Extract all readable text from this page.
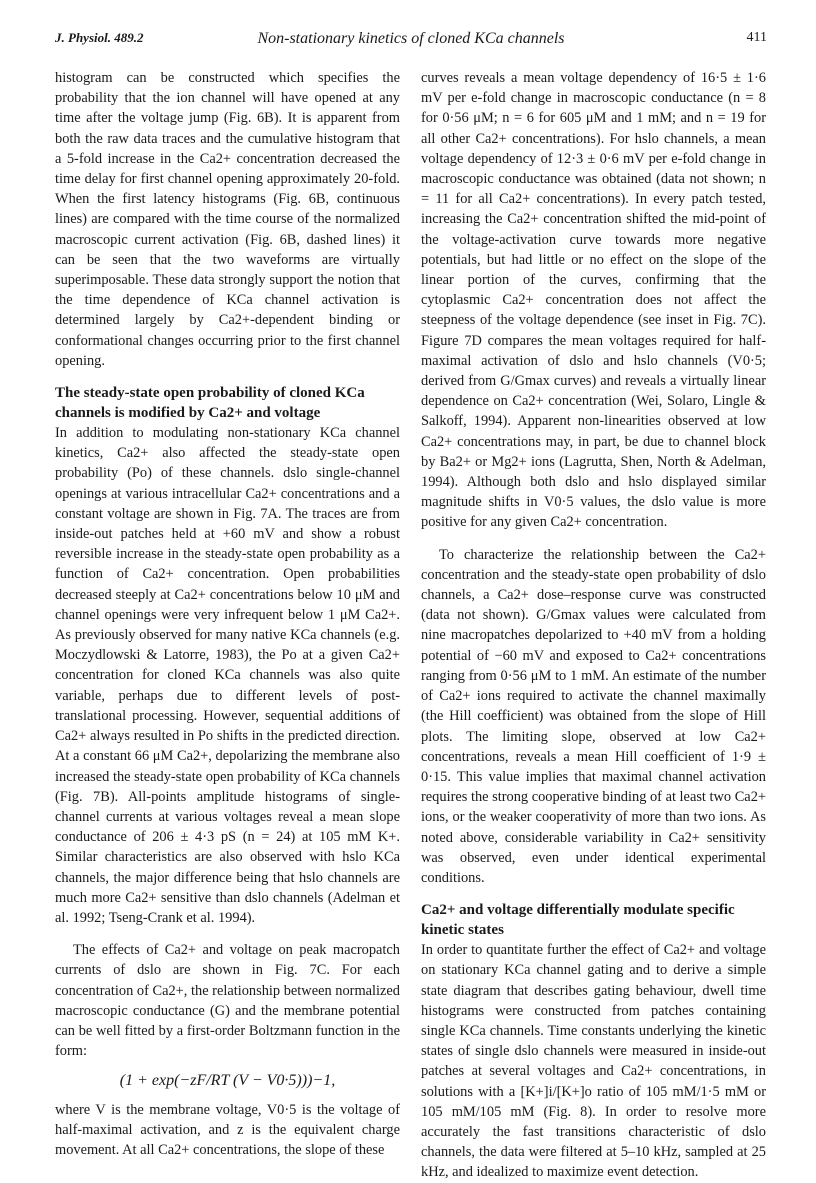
J. Physiol. 489.2	Non-stationary kinetics of cloned KCa channels	411

histogram can be constructed which specifies the probability that the ion channel will have opened at any time after the voltage jump (Fig. 6B). It is apparent from both the raw data traces and the cumulative histogram that a 5-fold increase in the Ca2+ concentration decreased the time delay for first channel opening approximately 20-fold. When the first latency histograms (Fig. 6B, continuous lines) are compared with the time course of the normalized macroscopic current activation (Fig. 6B, dashed lines) it can be seen that the two waveforms are virtually superimposable. These data strongly support the notion that the time dependence of KCa channel activation is determined largely by Ca2+-dependent binding or conformational changes occurring prior to the first channel opening.

The steady-state open probability of cloned KCa channels is modified by Ca2+ and voltage

In addition to modulating non-stationary KCa channel kinetics, Ca2+ also affected the steady-state open probability (Po) of these channels. dslo single-channel openings at various intracellular Ca2+ concentrations and a constant voltage are shown in Fig. 7A. The traces are from inside-out patches held at +60 mV and show a robust reversible increase in the steady-state open probability as a function of Ca2+ concentration. Open probabilities decreased steeply at Ca2+ concentrations below 10 μM and channel openings were very infrequent below 1 μM Ca2+. As previously observed for many native KCa channels (e.g. Moczydlowski & Latorre, 1983), the Po at a given Ca2+ concentration for cloned KCa channels was also quite variable, perhaps due to different levels of post-translational processing. However, sequential additions of Ca2+ always resulted in Po shifts in the predicted direction. At a constant 66 μM Ca2+, depolarizing the membrane also increased the steady-state open probability of KCa channels (Fig. 7B). All-points amplitude histograms of single-channel currents at various voltages reveal a mean slope conductance of 206 ± 4·3 pS (n = 24) at 105 mM K+. Similar characteristics are also observed with hslo KCa channels, the major difference being that hslo channels are much more Ca2+ sensitive than dslo channels (Adelman et al. 1992; Tseng-Crank et al. 1994).

The effects of Ca2+ and voltage on peak macropatch currents of dslo are shown in Fig. 7C. For each concentration of Ca2+, the relationship between normalized macroscopic conductance (G) and the membrane potential can be well fitted by a first-order Boltzmann function in the form:

(1 + exp(−zF/RT (V − V0·5)))−1,

where V is the membrane voltage, V0·5 is the voltage of half-maximal activation, and z is the equivalent charge movement. At all Ca2+ concentrations, the slope of these

curves reveals a mean voltage dependency of 16·5 ± 1·6 mV per e-fold change in macroscopic conductance (n = 8 for 0·56 μM; n = 6 for 605 μM and 1 mM; and n = 19 for all other Ca2+ concentrations). For hslo channels, a mean voltage dependency of 12·3 ± 0·6 mV per e-fold change in macroscopic conductance was obtained (data not shown; n = 11 for all Ca2+ concentrations). In every patch tested, increasing the Ca2+ concentration shifted the mid-point of the voltage-activation curve towards more negative potentials, but had little or no effect on the slope of the linear portion of the curves, confirming that the cytoplasmic Ca2+ concentration does not affect the steepness of the voltage dependence (see inset in Fig. 7C). Figure 7D compares the mean voltages required for half-maximal activation of dslo and hslo channels (V0·5; derived from G/Gmax curves) and reveals a virtually linear dependence on Ca2+ concentration (Wei, Solaro, Lingle & Salkoff, 1994). Apparent non-linearities observed at low Ca2+ concentrations may, in part, be due to channel block by Ba2+ or Mg2+ ions (Lagrutta, Shen, North & Adelman, 1994). Although both dslo and hslo displayed similar magnitude shifts in V0·5 values, the dslo value is more positive for any given Ca2+ concentration.

To characterize the relationship between the Ca2+ concentration and the steady-state open probability of dslo channels, a Ca2+ dose–response curve was constructed (data not shown). G/Gmax values were calculated from nine macropatches depolarized to +40 mV from a holding potential of −60 mV and exposed to Ca2+ concentrations ranging from 0·56 μM to 1 mM. An estimate of the number of Ca2+ ions required to activate the channel maximally (the Hill coefficient) was obtained from the slope of Hill plots. The limiting slope, observed at low Ca2+ concentrations, reveals a mean Hill coefficient of 1·9 ± 0·15. This value implies that maximal channel activation requires the strong cooperative binding of at least two Ca2+ ions, or the weaker cooperativity of more than two ions. As noted above, considerable variability in Ca2+ sensitivity was observed, even under identical experimental conditions.

Ca2+ and voltage differentially modulate specific kinetic states

In order to quantitate further the effect of Ca2+ and voltage on stationary KCa channel gating and to derive a simple state diagram that describes gating behaviour, dwell time histograms were constructed from patches containing single KCa channels. Time constants underlying the kinetic states of single dslo channels were measured in inside-out patches at several voltages and Ca2+ concentrations, in solutions with a [K+]i/[K+]o ratio of 105 mM/1·5 mM or 105 mM/105 mM (Fig. 8). In order to resolve more accurately the fast transitions characteristic of dslo channels, the data were filtered at 5–10 kHz, sampled at 25 kHz, and idealized to maximize event detection.
